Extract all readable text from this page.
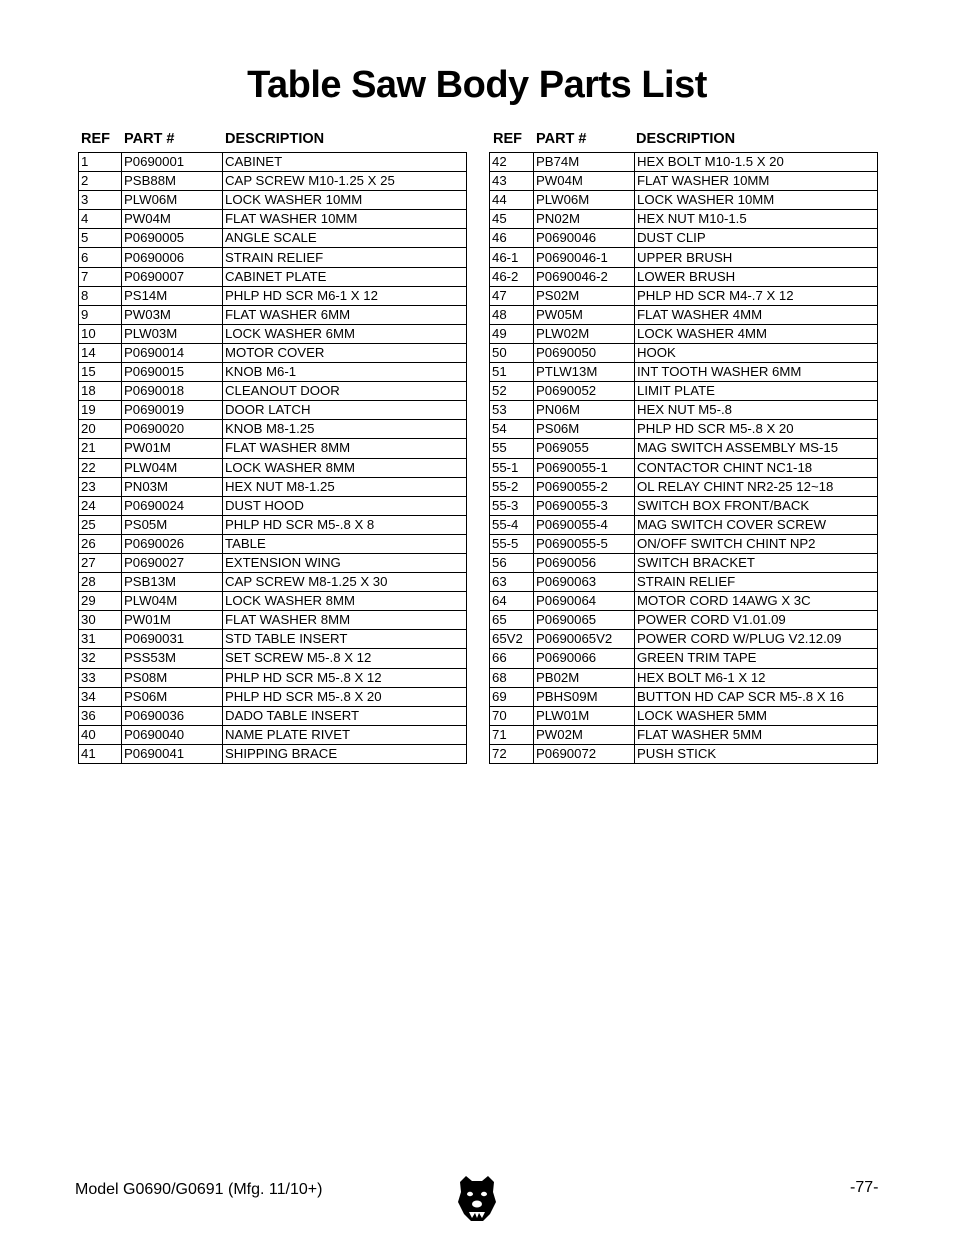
Table Saw Body Parts List
REF PART #	DESCRIPTION	REF PART #	DESCRIPTION
1	P0690001	CABINET
2	PSB88M	CAP SCREW M10-1.25 X 25
3	PLW06M	LOCK WASHER 10MM
4	PW04M	FLAT WASHER 10MM
5	P0690005	ANGLE SCALE
6	P0690006	STRAIN RELIEF
7	P0690007	CABINET PLATE
8	PS14M	PHLP HD SCR M6-1 X 12
9	PW03M	FLAT WASHER 6MM
10	PLW03M	LOCK WASHER 6MM
14	P0690014	MOTOR COVER
15	P0690015	KNOB M6-1
18	P0690018	CLEANOUT DOOR
19	P0690019	DOOR LATCH
20	P0690020	KNOB M8-1.25
21	PW01M	FLAT WASHER 8MM
22	PLW04M	LOCK WASHER 8MM
23	PN03M	HEX NUT M8-1.25
24	P0690024	DUST HOOD
25	PS05M	PHLP HD SCR M5-.8 X 8
26	P0690026	TABLE
27	P0690027	EXTENSION WING
28	PSB13M	CAP SCREW M8-1.25 X 30
29	PLW04M	LOCK WASHER 8MM
30	PW01M	FLAT WASHER 8MM
31	P0690031	STD TABLE INSERT
32	PSS53M	SET SCREW M5-.8 X 12
33	PS08M	PHLP HD SCR M5-.8 X 12
34	PS06M	PHLP HD SCR M5-.8 X 20
36	P0690036	DADO TABLE INSERT
40	P0690040	NAME PLATE RIVET
41	P0690041	SHIPPING BRACE
42	PB74M	HEX BOLT M10-1.5 X 20
43	PW04M	FLAT WASHER 10MM
44	PLW06M	LOCK WASHER 10MM
45	PN02M	HEX NUT M10-1.5
46	P0690046	DUST CLIP
46-1	P0690046-1	UPPER BRUSH
46-2	P0690046-2	LOWER BRUSH
47	PS02M	PHLP HD SCR M4-.7 X 12
48	PW05M	FLAT WASHER 4MM
49	PLW02M	LOCK WASHER 4MM
50	P0690050	HOOK
51	PTLW13M	INT TOOTH WASHER 6MM
52	P0690052	LIMIT PLATE
53	PN06M	HEX NUT M5-.8
54	PS06M	PHLP HD SCR M5-.8 X 20
55	P069055	MAG SWITCH ASSEMBLY MS-15
55-1	P0690055-1	CONTACTOR CHINT NC1-18
55-2	P0690055-2	OL RELAY CHINT NR2-25 12~18
55-3	P0690055-3	SWITCH BOX FRONT/BACK
55-4	P0690055-4	MAG SWITCH COVER SCREW
55-5	P0690055-5	ON/OFF SWITCH CHINT NP2
56	P0690056	SWITCH BRACKET
63	P0690063	STRAIN RELIEF
64	P0690064	MOTOR CORD 14AWG X 3C
65	P0690065	POWER CORD V1.01.09
65V2	P0690065V2	POWER CORD W/PLUG V2.12.09
66	P0690066	GREEN TRIM TAPE
68	PB02M	HEX BOLT M6-1 X 12
69	PBHS09M	BUTTON HD CAP SCR M5-.8 X 16
70	PLW01M	LOCK WASHER 5MM
71	PW02M	FLAT WASHER 5MM
72	P0690072	PUSH STICK
Model G0690/G0691 (Mfg. 11/10+)	-77-
